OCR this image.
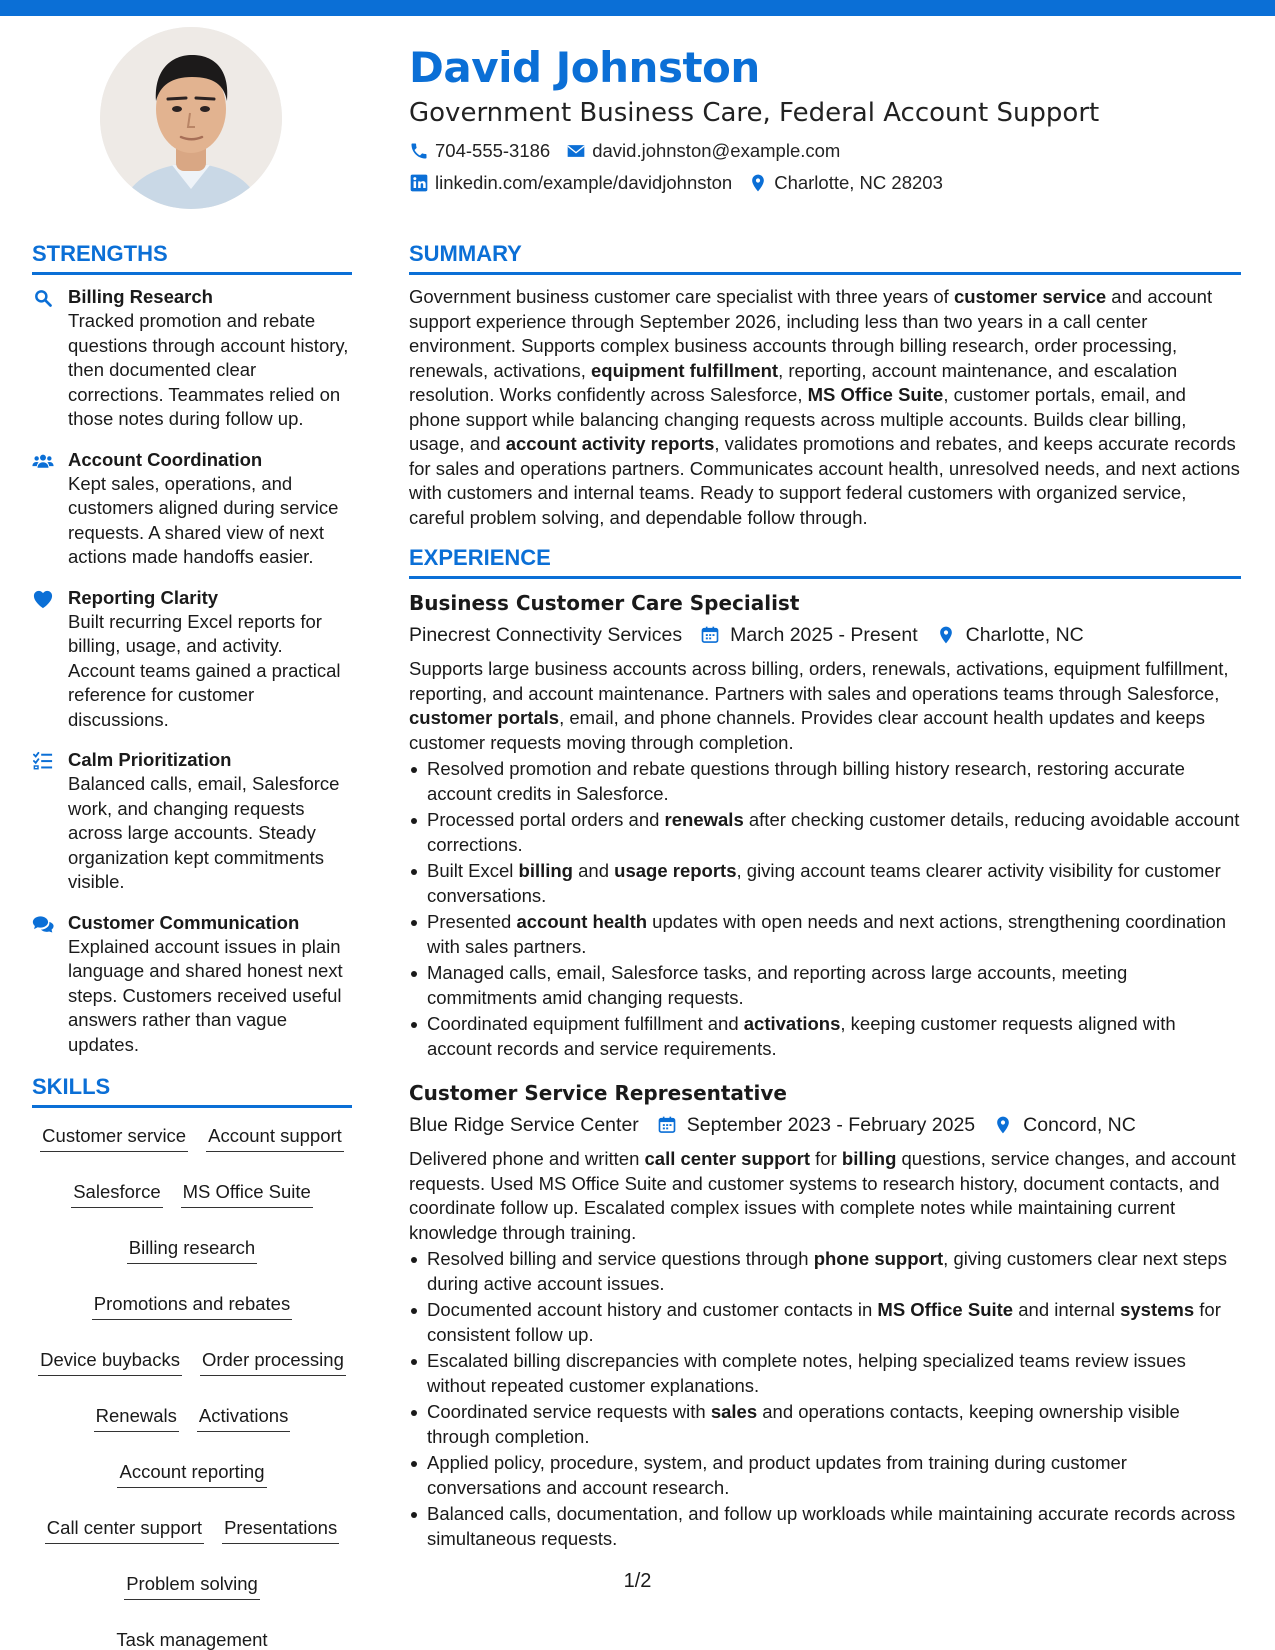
David Johnston
Government Business Care, Federal Account Support
704-555-3186 david.johnston@example.com
linkedin.com/example/davidjohnston Charlotte, NC 28203
STRENGTHS
Billing Research
Tracked promotion and rebate questions through account history, then documented clear corrections. Teammates relied on those notes during follow up.
Account Coordination
Kept sales, operations, and customers aligned during service requests. A shared view of next actions made handoffs easier.
Reporting Clarity
Built recurring Excel reports for billing, usage, and activity. Account teams gained a practical reference for customer discussions.
Calm Prioritization
Balanced calls, email, Salesforce work, and changing requests across large accounts. Steady organization kept commitments visible.
Customer Communication
Explained account issues in plain language and shared honest next steps. Customers received useful answers rather than vague updates.
SKILLS
Customer service Account support
Salesforce MS Office Suite
Billing research
Promotions and rebates
Device buybacks Order processing
Renewals Activations
Account reporting
Call center support Presentations
Problem solving
Task management
SUMMARY
Government business customer care specialist with three years of customer service and account support experience through September 2026, including less than two years in a call center environment. Supports complex business accounts through billing research, order processing, renewals, activations, equipment fulfillment, reporting, account maintenance, and escalation resolution. Works confidently across Salesforce, MS Office Suite, customer portals, email, and phone support while balancing changing requests across multiple accounts. Builds clear billing, usage, and account activity reports, validates promotions and rebates, and keeps accurate records for sales and operations partners. Communicates account health, unresolved needs, and next actions with customers and internal teams. Ready to support federal customers with organized service, careful problem solving, and dependable follow through.
EXPERIENCE
Business Customer Care Specialist
Pinecrest Connectivity Services March 2025 - Present Charlotte, NC
Supports large business accounts across billing, orders, renewals, activations, equipment fulfillment, reporting, and account maintenance. Partners with sales and operations teams through Salesforce, customer portals, email, and phone channels. Provides clear account health updates and keeps customer requests moving through completion.
Resolved promotion and rebate questions through billing history research, restoring accurate account credits in Salesforce.
Processed portal orders and renewals after checking customer details, reducing avoidable account corrections.
Built Excel billing and usage reports, giving account teams clearer activity visibility for customer conversations.
Presented account health updates with open needs and next actions, strengthening coordination with sales partners.
Managed calls, email, Salesforce tasks, and reporting across large accounts, meeting commitments amid changing requests.
Coordinated equipment fulfillment and activations, keeping customer requests aligned with account records and service requirements.
Customer Service Representative
Blue Ridge Service Center September 2023 - February 2025 Concord, NC
Delivered phone and written call center support for billing questions, service changes, and account requests. Used MS Office Suite and customer systems to research history, document contacts, and coordinate follow up. Escalated complex issues with complete notes while maintaining current knowledge through training.
Resolved billing and service questions through phone support, giving customers clear next steps during active account issues.
Documented account history and customer contacts in MS Office Suite and internal systems for consistent follow up.
Escalated billing discrepancies with complete notes, helping specialized teams review issues without repeated customer explanations.
Coordinated service requests with sales and operations contacts, keeping ownership visible through completion.
Applied policy, procedure, system, and product updates from training during customer conversations and account research.
Balanced calls, documentation, and follow up workloads while maintaining accurate records across simultaneous requests.
1/2
